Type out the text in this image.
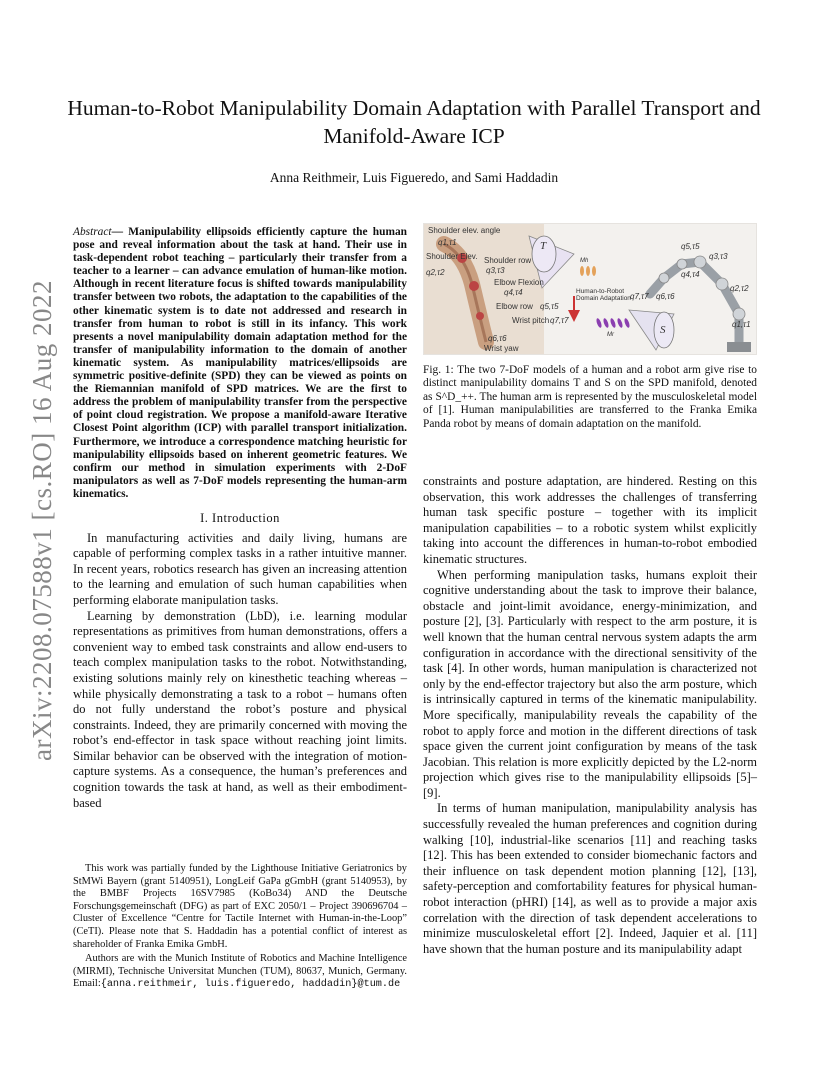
arXiv:2208.07588v1 [cs.RO] 16 Aug 2022
Human-to-Robot Manipulability Domain Adaptation with Parallel Transport and Manifold-Aware ICP
Anna Reithmeir, Luis Figueredo, and Sami Haddadin
Abstract— Manipulability ellipsoids efficiently capture the human pose and reveal information about the task at hand. Their use in task-dependent robot teaching – particularly their transfer from a teacher to a learner – can advance emulation of human-like motion. Although in recent literature focus is shifted towards manipulability transfer between two robots, the adaptation to the capabilities of the other kinematic system is to date not addressed and research in transfer from human to robot is still in its infancy. This work presents a novel manipulability domain adaptation method for the transfer of manipulability information to the domain of another kinematic system. As manipulability matrices/ellipsoids are symmetric positive-definite (SPD) they can be viewed as points on the Riemannian manifold of SPD matrices. We are the first to address the problem of manipulability transfer from the perspective of point cloud registration. We propose a manifold-aware Iterative Closest Point algorithm (ICP) with parallel transport initialization. Furthermore, we introduce a correspondence matching heuristic for manipulability ellipsoids based on inherent geometric features. We confirm our method in simulation experiments with 2-DoF manipulators as well as 7-DoF models representing the human-arm kinematics.
I. Introduction

In manufacturing activities and daily living, humans are capable of performing complex tasks in a rather intuitive manner. In recent years, robotics research has given an increasing attention to the learning and emulation of such human capabilities when performing elaborate manipulation tasks.

Learning by demonstration (LbD), i.e. learning modular representations as primitives from human demonstrations, offers a convenient way to embed task constraints and allow end-users to teach complex manipulation tasks to the robot. Notwithstanding, existing solutions mainly rely on kinesthetic teaching whereas – while physically demonstrating a task to a robot – humans often do not fully understand the robot’s posture and physical constraints. Indeed, they are primarily concerned with moving the robot’s end-effector in task space without reaching joint limits. Similar behavior can be observed with the integration of motion-capture systems. As a consequence, the human’s preferences and cognition towards the task at hand, as well as their embodiment-based

This work was partially funded by the Lighthouse Initiative Geriatronics by StMWi Bayern (grant 5140951), LongLeif GaPa gGmbH (grant 5140953), by the BMBF Projects 16SV7985 (KoBo34) AND the Deutsche Forschungsgemeinschaft (DFG) as part of EXC 2050/1 – Project 390696704 – Cluster of Excellence “Centre for Tactile Internet with Human-in-the-Loop” (CeTI). Please note that S. Haddadin has a potential conflict of interest as shareholder of Franka Emika GmbH.

Authors are with the Munich Institute of Robotics and Machine Intelligence (MIRMI), Technische Universitat Munchen (TUM), 80637, Munich, Germany. Email:{anna.reithmeir, luis.figueredo, haddadin}@tum.de

Shoulder elev. angle
Shoulder Elev. Shoulder row
Elbow Flexion
Elbow row
Wrist pitch
Wrist yaw
Human-to-Robot Domain Adaptation
q1,τ1
q2,τ2	q3,τ3
q4,τ4
q5,τ5
q6,τ6
q7,τ7
q5,τ5
q3,τ3
q4,τ4
q2,τ2
q6,τ6
q7,τ7
q1,τ1
T
S
Mh
Mr
Fig. 1: The two 7-DoF models of a human and a robot arm give rise to distinct manipulability domains T and S on the SPD manifold, denoted as S^D_++. The human arm is represented by the musculoskeletal model of [1]. Human manipulabilities are transferred to the Franka Emika Panda robot by means of domain adaptation on the manifold.

constraints and posture adaptation, are hindered. Resting on this observation, this work addresses the challenges of transferring human task specific posture – together with its implicit manipulation capabilities – to a robotic system whilst explicitly taking into account the differences in human-to-robot embodied kinematic structures.

When performing manipulation tasks, humans exploit their cognitive understanding about the task to improve their balance, obstacle and joint-limit avoidance, energy-minimization, and posture [2], [3]. Particularly with respect to the arm posture, it is well known that the human central nervous system adapts the arm configuration in accordance with the directional sensitivity of the task [4]. In other words, human manipulation is characterized not only by the end-effector trajectory but also the arm posture, which is intrinsically captured in terms of the kinematic manipulability. More specifically, manipulability reveals the capability of the robot to apply force and motion in the different directions of task space given the current joint configuration by means of the task Jacobian. This relation is more explicitly depicted by the L2-norm projection which gives rise to the manipulability ellipsoids [5]–[9].

In terms of human manipulation, manipulability analysis has successfully revealed the human preferences and cognition during walking [10], industrial-like scenarios [11] and reaching tasks [12]. This has been extended to consider biomechanic factors and their influence on task dependent motion planning [12], [13], safety-perception and comfortability features for physical human-robot interaction (pHRI) [14], as well as to provide a major axis correlation with the direction of task dependent accelerations to minimize musculoskeletal effort [2]. Indeed, Jaquier et al. [11] have shown that the human posture and its manipulability adapt
